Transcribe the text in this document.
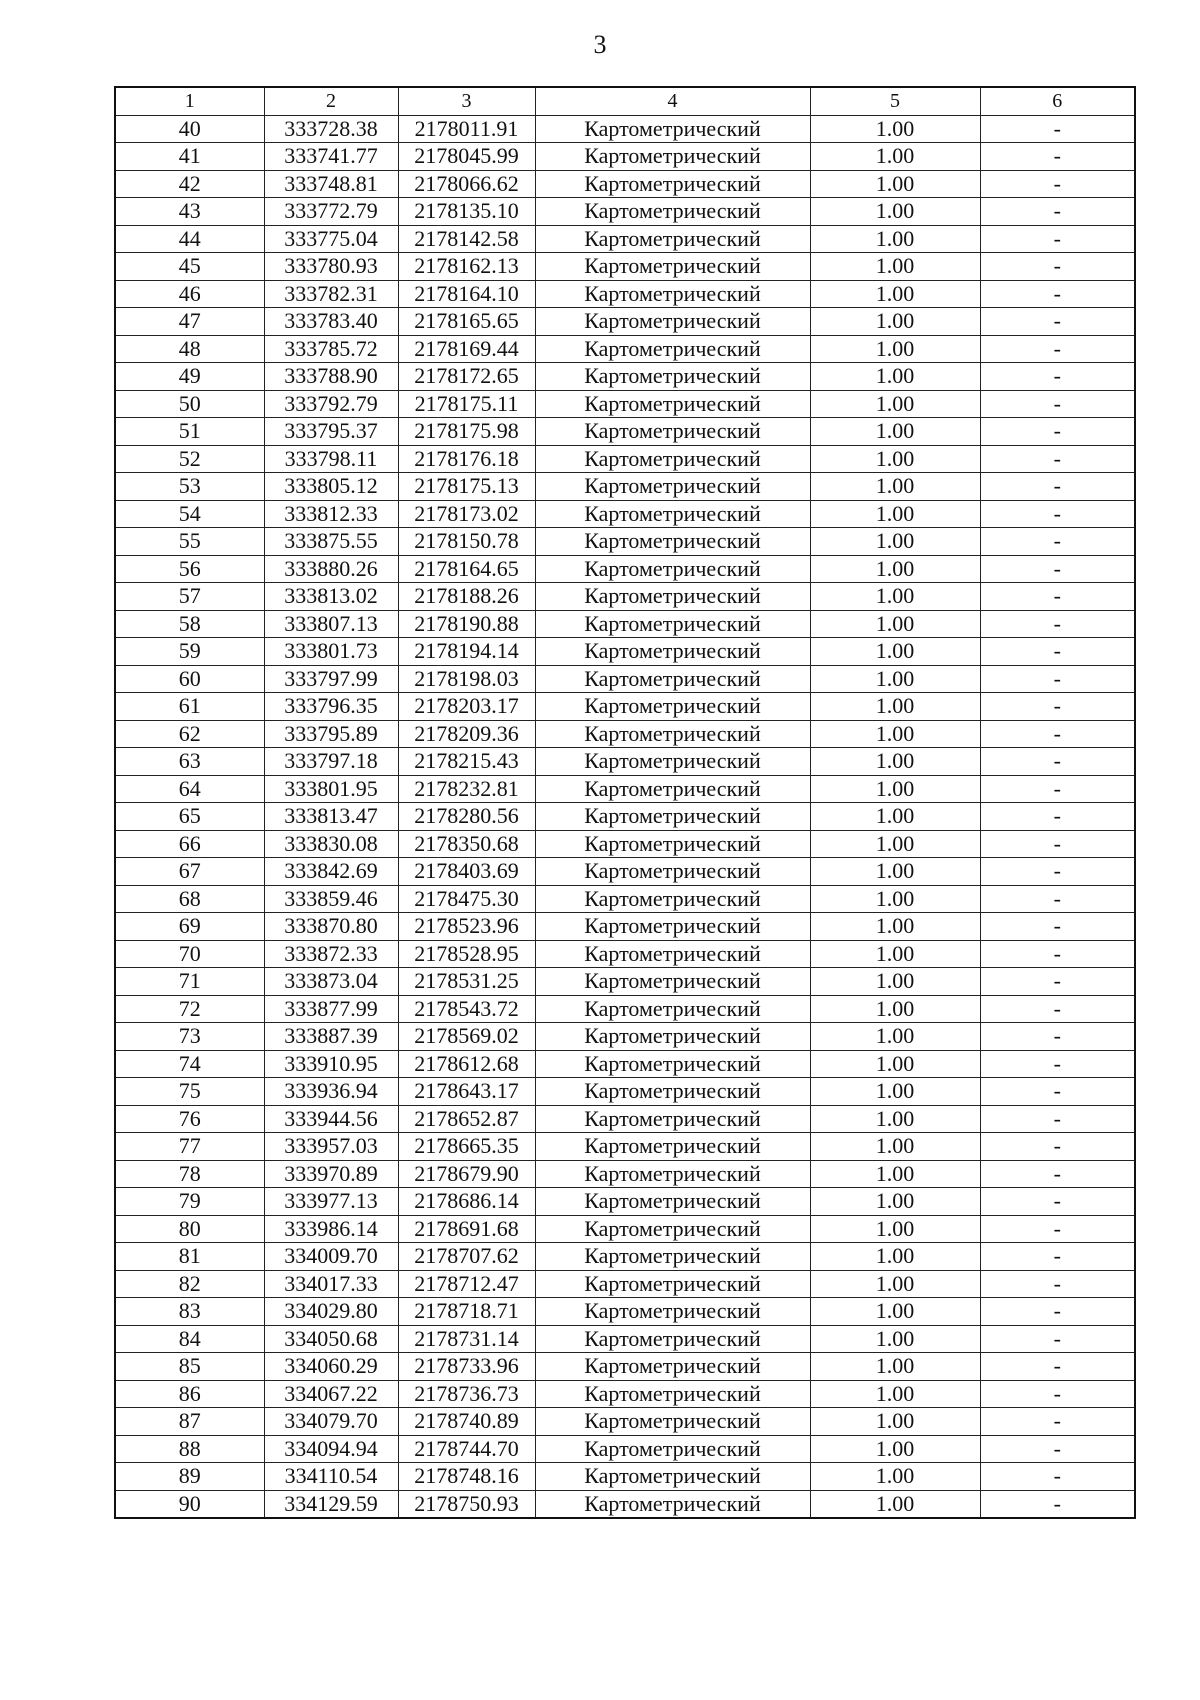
3
1	2	3	4	5	6
40	333728.38	2178011.91	Картометрический	1.00	-
41	333741.77	2178045.99	Картометрический	1.00	-
42	333748.81	2178066.62	Картометрический	1.00	-
43	333772.79	2178135.10	Картометрический	1.00	-
44	333775.04	2178142.58	Картометрический	1.00	-
45	333780.93	2178162.13	Картометрический	1.00	-
46	333782.31	2178164.10	Картометрический	1.00	-
47	333783.40	2178165.65	Картометрический	1.00	-
48	333785.72	2178169.44	Картометрический	1.00	-
49	333788.90	2178172.65	Картометрический	1.00	-
50	333792.79	2178175.11	Картометрический	1.00	-
51	333795.37	2178175.98	Картометрический	1.00	-
52	333798.11	2178176.18	Картометрический	1.00	-
53	333805.12	2178175.13	Картометрический	1.00	-
54	333812.33	2178173.02	Картометрический	1.00	-
55	333875.55	2178150.78	Картометрический	1.00	-
56	333880.26	2178164.65	Картометрический	1.00	-
57	333813.02	2178188.26	Картометрический	1.00	-
58	333807.13	2178190.88	Картометрический	1.00	-
59	333801.73	2178194.14	Картометрический	1.00	-
60	333797.99	2178198.03	Картометрический	1.00	-
61	333796.35	2178203.17	Картометрический	1.00	-
62	333795.89	2178209.36	Картометрический	1.00	-
63	333797.18	2178215.43	Картометрический	1.00	-
64	333801.95	2178232.81	Картометрический	1.00	-
65	333813.47	2178280.56	Картометрический	1.00	-
66	333830.08	2178350.68	Картометрический	1.00	-
67	333842.69	2178403.69	Картометрический	1.00	-
68	333859.46	2178475.30	Картометрический	1.00	-
69	333870.80	2178523.96	Картометрический	1.00	-
70	333872.33	2178528.95	Картометрический	1.00	-
71	333873.04	2178531.25	Картометрический	1.00	-
72	333877.99	2178543.72	Картометрический	1.00	-
73	333887.39	2178569.02	Картометрический	1.00	-
74	333910.95	2178612.68	Картометрический	1.00	-
75	333936.94	2178643.17	Картометрический	1.00	-
76	333944.56	2178652.87	Картометрический	1.00	-
77	333957.03	2178665.35	Картометрический	1.00	-
78	333970.89	2178679.90	Картометрический	1.00	-
79	333977.13	2178686.14	Картометрический	1.00	-
80	333986.14	2178691.68	Картометрический	1.00	-
81	334009.70	2178707.62	Картометрический	1.00	-
82	334017.33	2178712.47	Картометрический	1.00	-
83	334029.80	2178718.71	Картометрический	1.00	-
84	334050.68	2178731.14	Картометрический	1.00	-
85	334060.29	2178733.96	Картометрический	1.00	-
86	334067.22	2178736.73	Картометрический	1.00	-
87	334079.70	2178740.89	Картометрический	1.00	-
88	334094.94	2178744.70	Картометрический	1.00	-
89	334110.54	2178748.16	Картометрический	1.00	-
90	334129.59	2178750.93	Картометрический	1.00	-
